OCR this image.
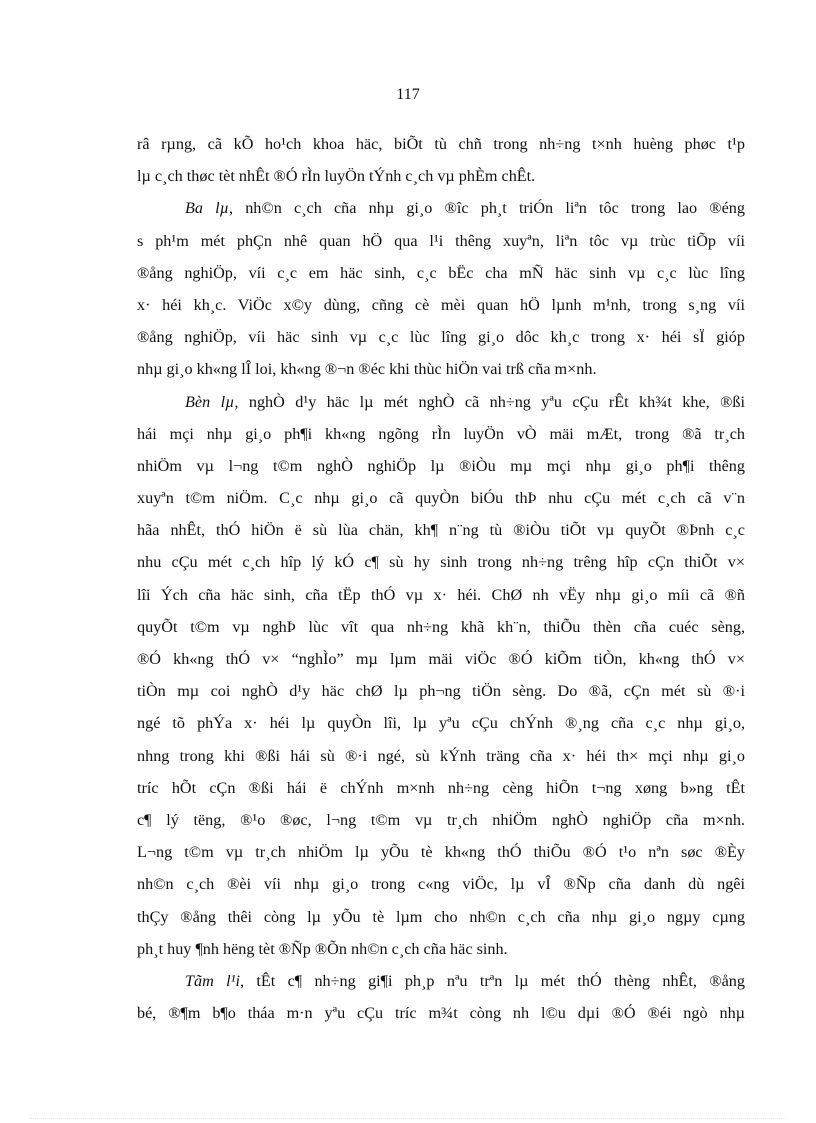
117
râ rµng, cã kÕ ho¹ch khoa häc, biÕt tù chñ trong nh÷ng t×nh huèng phøc t¹p
lµ c¸ch thøc tèt nhÊt ®Ó rÌn luyÖn tÝnh c¸ch vµ phÈm chÊt.
Ba lµ, nh©n c¸ch cña nhµ gi¸o ®îc ph¸t triÓn liªn tôc trong lao ®éng
s ph¹m mét phÇn nhê quan hÖ qua l¹i thêng xuyªn, liªn tôc vµ trùc tiÕp víi
®ång nghiÖp, víi c¸c em häc sinh, c¸c bËc cha mÑ häc sinh vµ c¸c lùc lîng
x· héi kh¸c. ViÖc x©y dùng, cñng cè mèi quan hÖ lµnh m¹nh, trong s¸ng víi
®ång nghiÖp, víi häc sinh vµ c¸c lùc lîng gi¸o dôc kh¸c trong x· héi sÏ gióp
nhµ gi¸o kh«ng lÎ loi, kh«ng ®¬n ®éc khi thùc hiÖn vai trß cña m×nh.
Bèn lµ, nghÒ d¹y häc lµ mét nghÒ cã nh÷ng yªu cÇu rÊt kh¾t khe, ®ßi
hái mçi nhµ gi¸o ph¶i kh«ng ngõng rÌn luyÖn vÒ mäi mÆt, trong ®ã tr¸ch
nhiÖm vµ l¬ng t©m nghÒ nghiÖp lµ ®iÒu mµ mçi nhµ gi¸o ph¶i thêng
xuyªn t©m niÖm. C¸c nhµ gi¸o cã quyÒn biÓu thÞ nhu cÇu mét c¸ch cã v¨n
hãa nhÊt, thÓ hiÖn ë sù lùa chän, kh¶ n¨ng tù ®iÒu tiÕt vµ quyÕt ®Þnh c¸c
nhu cÇu mét c¸ch hîp lý kÓ c¶ sù hy sinh trong nh÷ng trêng hîp cÇn thiÕt v×
lîi Ých cña häc sinh, cña tËp thÓ vµ x· héi. ChØ nh vËy nhµ gi¸o míi cã ®ñ
quyÕt t©m vµ nghÞ lùc vît qua nh÷ng khã kh¨n, thiÕu thèn cña cuéc sèng,
®Ó kh«ng thÓ v× “nghÌo” mµ lµm mäi viÖc ®Ó kiÕm tiÒn, kh«ng thÓ v×
tiÒn mµ coi nghÒ d¹y häc chØ lµ ph¬ng tiÖn sèng. Do ®ã, cÇn mét sù ®·i
ngé tõ phÝa x· héi lµ quyÒn lîi, lµ yªu cÇu chÝnh ®¸ng cña c¸c nhµ gi¸o,
nhng trong khi ®ßi hái sù ®·i ngé, sù kÝnh träng cña x· héi th× mçi nhµ gi¸o
tríc hÕt cÇn ®ßi hái ë chÝnh m×nh nh÷ng cèng hiÕn t¬ng xøng b»ng tÊt
c¶ lý tëng, ®¹o ®øc, l¬ng t©m vµ tr¸ch nhiÖm nghÒ nghiÖp cña m×nh.
L¬ng t©m vµ tr¸ch nhiÖm lµ yÕu tè kh«ng thÓ thiÕu ®Ó t¹o nªn søc ®Èy
nh©n c¸ch ®èi víi nhµ gi¸o trong c«ng viÖc, lµ vÎ ®Ñp cña danh dù ngêi
thÇy ®ång thêi còng lµ yÕu tè lµm cho nh©n c¸ch cña nhµ gi¸o ngµy cµng
ph¸t huy ¶nh hëng tèt ®Ñp ®Õn nh©n c¸ch cña häc sinh.
Tãm l¹i, tÊt c¶ nh÷ng gi¶i ph¸p nªu trªn lµ mét thÓ thèng nhÊt, ®ång
bé, ®¶m b¶o tháa m·n yªu cÇu tríc m¾t còng nh l©u dµi ®Ó ®éi ngò nhµ
